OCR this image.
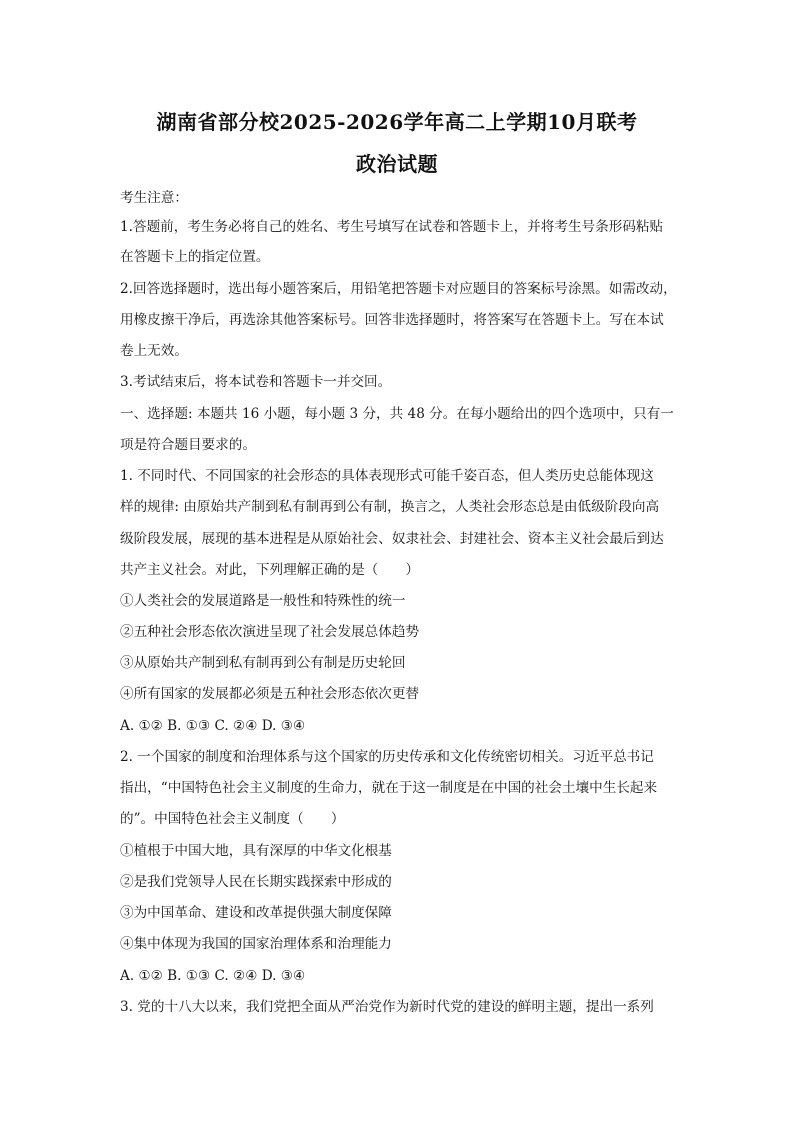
湖南省部分校2025-2026学年高二上学期10月联考
政治试题
考生注意：
1.答题前，考生务必将自己的姓名、考生号填写在试卷和答题卡上，并将考生号条形码粘贴
在答题卡上的指定位置。
2.回答选择题时，选出每小题答案后，用铅笔把答题卡对应题目的答案标号涂黑。如需改动，
用橡皮擦干净后，再选涂其他答案标号。回答非选择题时，将答案写在答题卡上。写在本试
卷上无效。
3.考试结束后，将本试卷和答题卡一并交回。
一、选择题: 本题共 16 小题，每小题 3 分，共 48 分。在每小题给出的四个选项中，只有一
项是符合题目要求的。
1. 不同时代、不同国家的社会形态的具体表现形式可能千姿百态，但人类历史总能体现这
样的规律: 由原始共产制到私有制再到公有制，换言之，人类社会形态总是由低级阶段向高
级阶段发展，展现的基本进程是从原始社会、奴隶社会、封建社会、资本主义社会最后到达
共产主义社会。对此，下列理解正确的是（　　）
①人类社会的发展道路是一般性和特殊性的统一
②五种社会形态依次演进呈现了社会发展总体趋势
③从原始共产制到私有制再到公有制是历史轮回
④所有国家的发展都必须是五种社会形态依次更替
A. ①② B. ①③ C. ②④ D. ③④
2. 一个国家的制度和治理体系与这个国家的历史传承和文化传统密切相关。习近平总书记
指出，“中国特色社会主义制度的生命力，就在于这一制度是在中国的社会土壤中生长起来
的”。中国特色社会主义制度（　　）
①植根于中国大地，具有深厚的中华文化根基
②是我们党领导人民在长期实践探索中形成的
③为中国革命、建设和改革提供强大制度保障
④集中体现为我国的国家治理体系和治理能力
A. ①② B. ①③ C. ②④ D. ③④
3. 党的十八大以来，我们党把全面从严治党作为新时代党的建设的鲜明主题，提出一系列
